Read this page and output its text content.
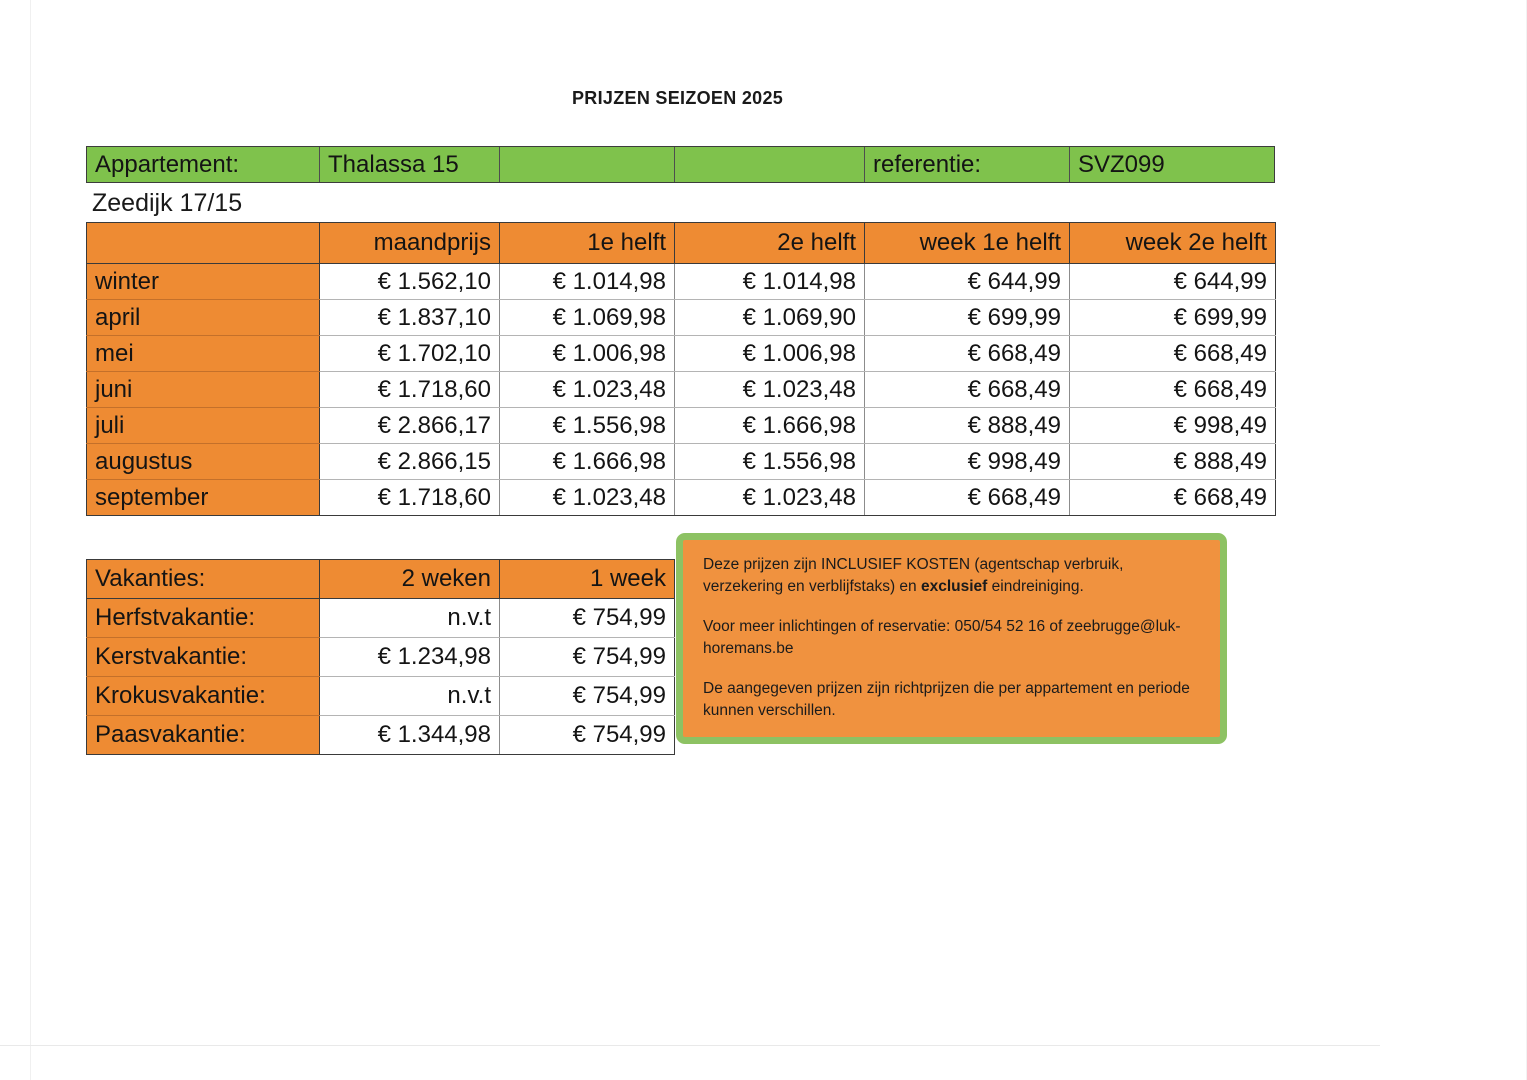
PRIJZEN SEIZOEN 2025
Appartement:	Thalassa 15	referentie:	SVZ099
Zeedijk 17/15
	maandprijs	1e helft	2e helft	week 1e helft	week 2e helft
winter	€ 1.562,10	€ 1.014,98	€ 1.014,98	€ 644,99	€ 644,99
april	€ 1.837,10	€ 1.069,98	€ 1.069,90	€ 699,99	€ 699,99
mei	€ 1.702,10	€ 1.006,98	€ 1.006,98	€ 668,49	€ 668,49
juni	€ 1.718,60	€ 1.023,48	€ 1.023,48	€ 668,49	€ 668,49
juli	€ 2.866,17	€ 1.556,98	€ 1.666,98	€ 888,49	€ 998,49
augustus	€ 2.866,15	€ 1.666,98	€ 1.556,98	€ 998,49	€ 888,49
september	€ 1.718,60	€ 1.023,48	€ 1.023,48	€ 668,49	€ 668,49
Vakanties:	2 weken	1 week
Herfstvakantie:	n.v.t	€ 754,99
Kerstvakantie:	€ 1.234,98	€ 754,99
Krokusvakantie:	n.v.t	€ 754,99
Paasvakantie:	€ 1.344,98	€ 754,99

Deze prijzen zijn INCLUSIEF KOSTEN (agentschap verbruik, verzekering en verblijfstaks) en exclusief eindreiniging.

Voor meer inlichtingen of reservatie: 050/54 52 16 of zeebrugge@luk-horemans.be

De aangegeven prijzen zijn richtprijzen die per appartement en periode kunnen verschillen.
